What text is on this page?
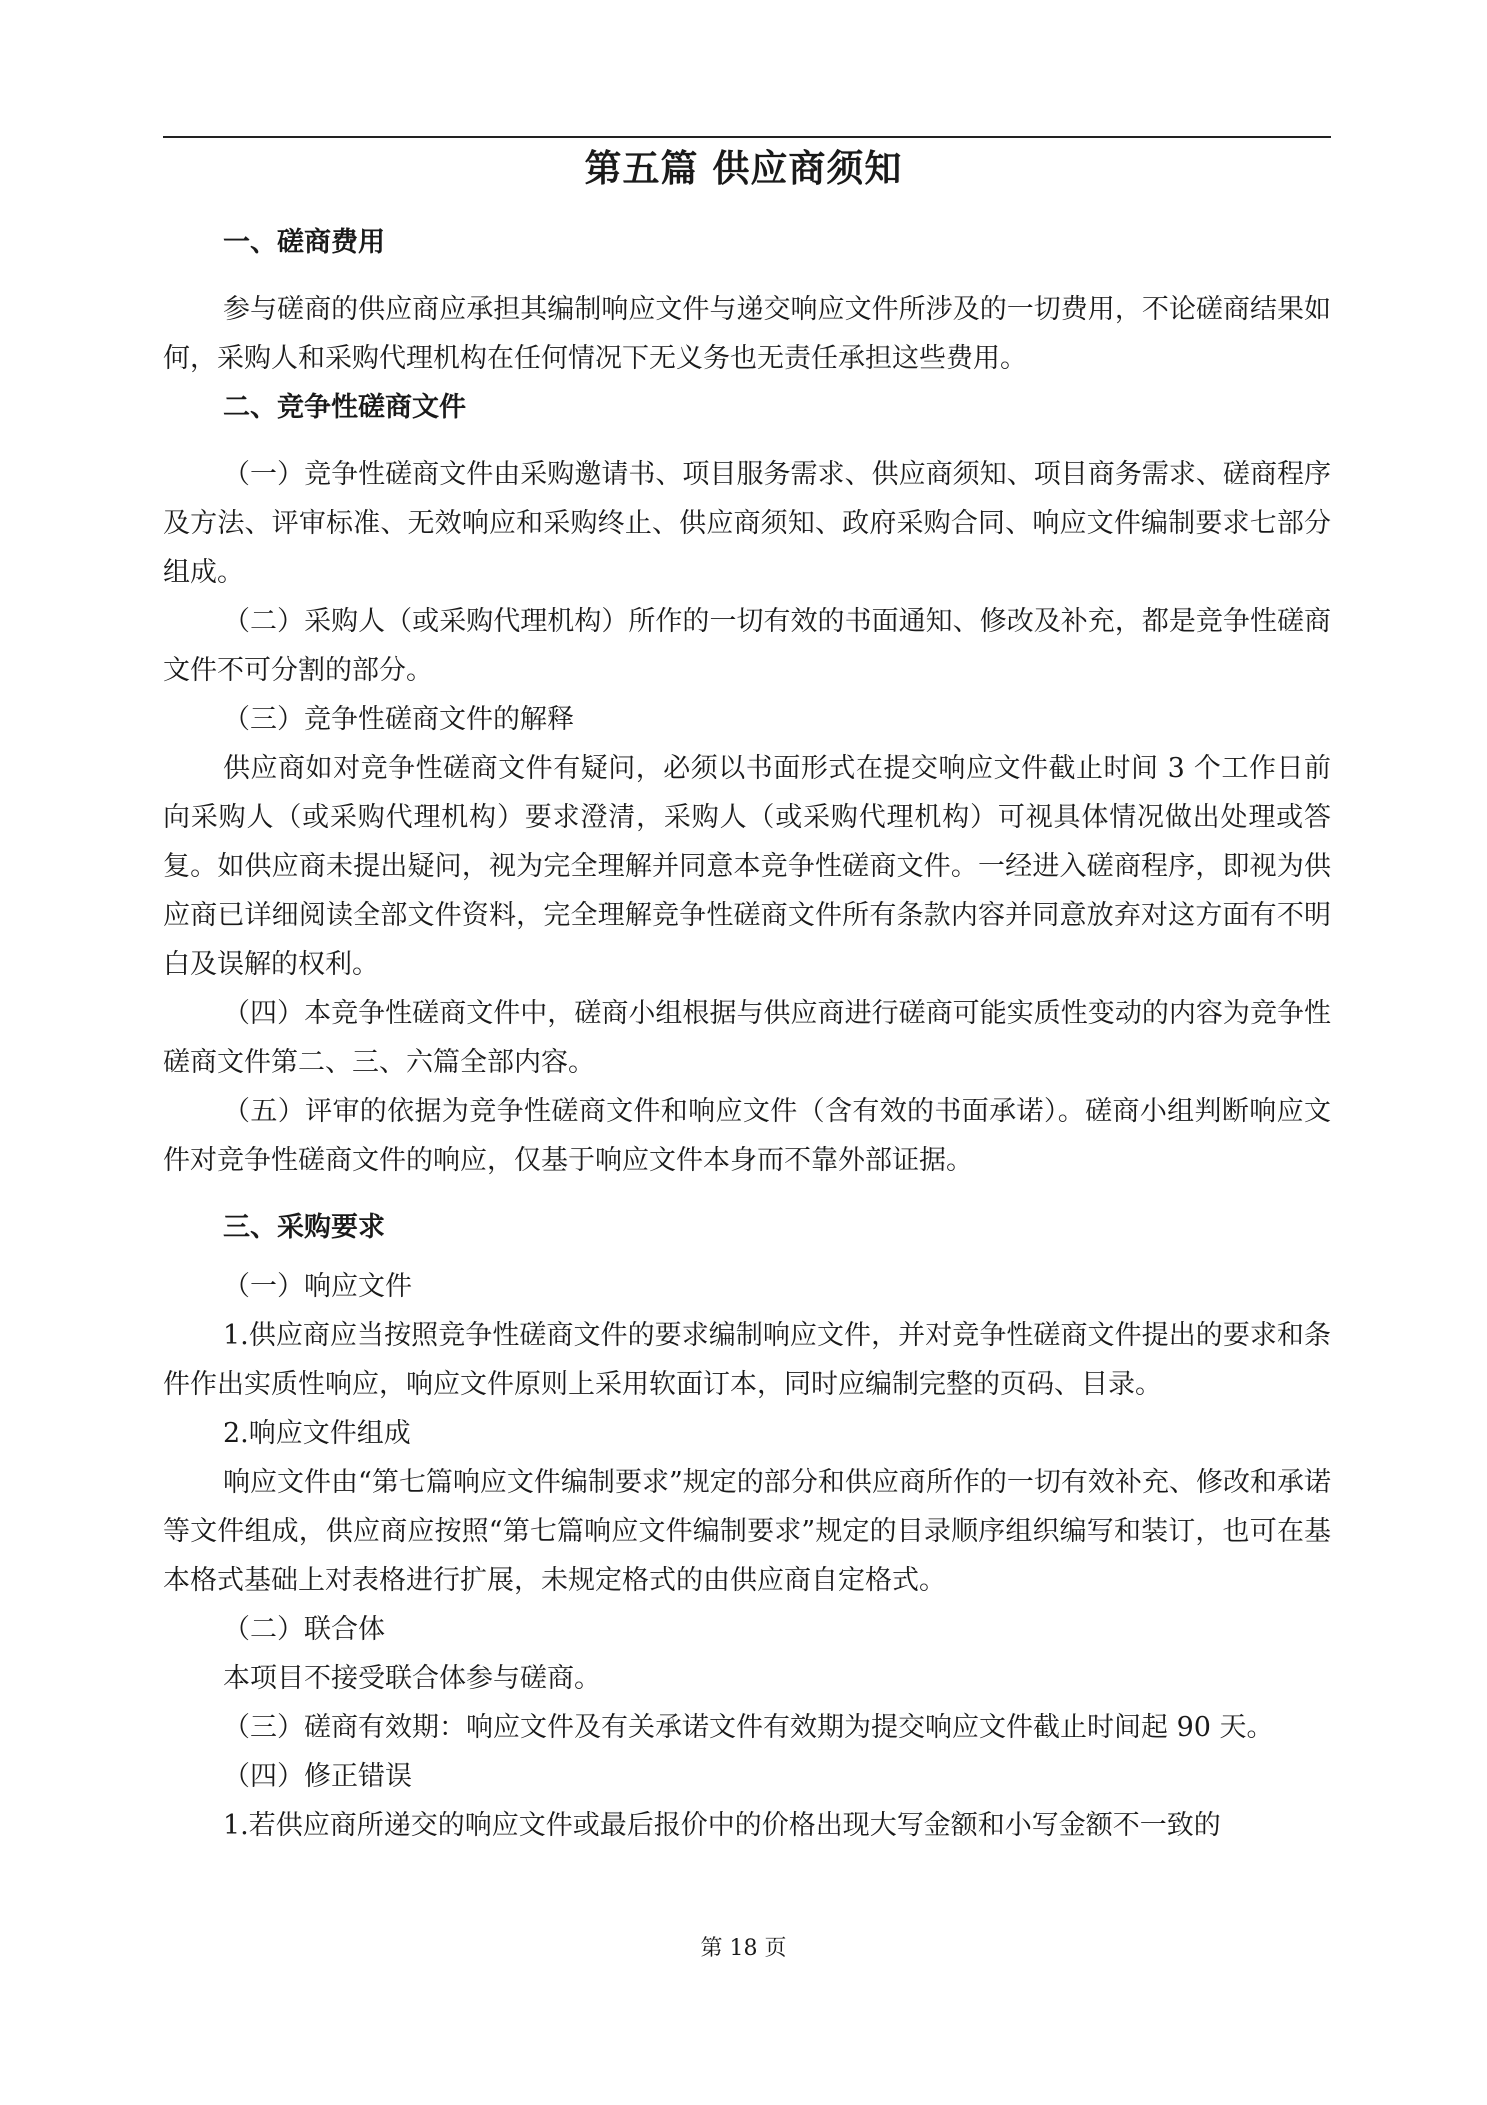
第五篇 供应商须知

一、磋商费用

参与磋商的供应商应承担其编制响应文件与递交响应文件所涉及的一切费用，不论磋商结果如何，采购人和采购代理机构在任何情况下无义务也无责任承担这些费用。

二、竞争性磋商文件

（一）竞争性磋商文件由采购邀请书、项目服务需求、供应商须知、项目商务需求、磋商程序及方法、评审标准、无效响应和采购终止、供应商须知、政府采购合同、响应文件编制要求七部分组成。

（二）采购人（或采购代理机构）所作的一切有效的书面通知、修改及补充，都是竞争性磋商文件不可分割的部分。

（三）竞争性磋商文件的解释

供应商如对竞争性磋商文件有疑问，必须以书面形式在提交响应文件截止时间 3 个工作日前向采购人（或采购代理机构）要求澄清，采购人（或采购代理机构）可视具体情况做出处理或答复。如供应商未提出疑问，视为完全理解并同意本竞争性磋商文件。一经进入磋商程序，即视为供应商已详细阅读全部文件资料，完全理解竞争性磋商文件所有条款内容并同意放弃对这方面有不明白及误解的权利。

（四）本竞争性磋商文件中，磋商小组根据与供应商进行磋商可能实质性变动的内容为竞争性磋商文件第二、三、六篇全部内容。

（五）评审的依据为竞争性磋商文件和响应文件（含有效的书面承诺）。磋商小组判断响应文件对竞争性磋商文件的响应，仅基于响应文件本身而不靠外部证据。

三、采购要求

（一）响应文件

1.供应商应当按照竞争性磋商文件的要求编制响应文件，并对竞争性磋商文件提出的要求和条件作出实质性响应，响应文件原则上采用软面订本，同时应编制完整的页码、目录。

2.响应文件组成

响应文件由“第七篇响应文件编制要求”规定的部分和供应商所作的一切有效补充、修改和承诺等文件组成，供应商应按照“第七篇响应文件编制要求”规定的目录顺序组织编写和装订，也可在基本格式基础上对表格进行扩展，未规定格式的由供应商自定格式。

（二）联合体

本项目不接受联合体参与磋商。

（三）磋商有效期：响应文件及有关承诺文件有效期为提交响应文件截止时间起 90 天。

（四）修正错误

1.若供应商所递交的响应文件或最后报价中的价格出现大写金额和小写金额不一致的

第 18 页
